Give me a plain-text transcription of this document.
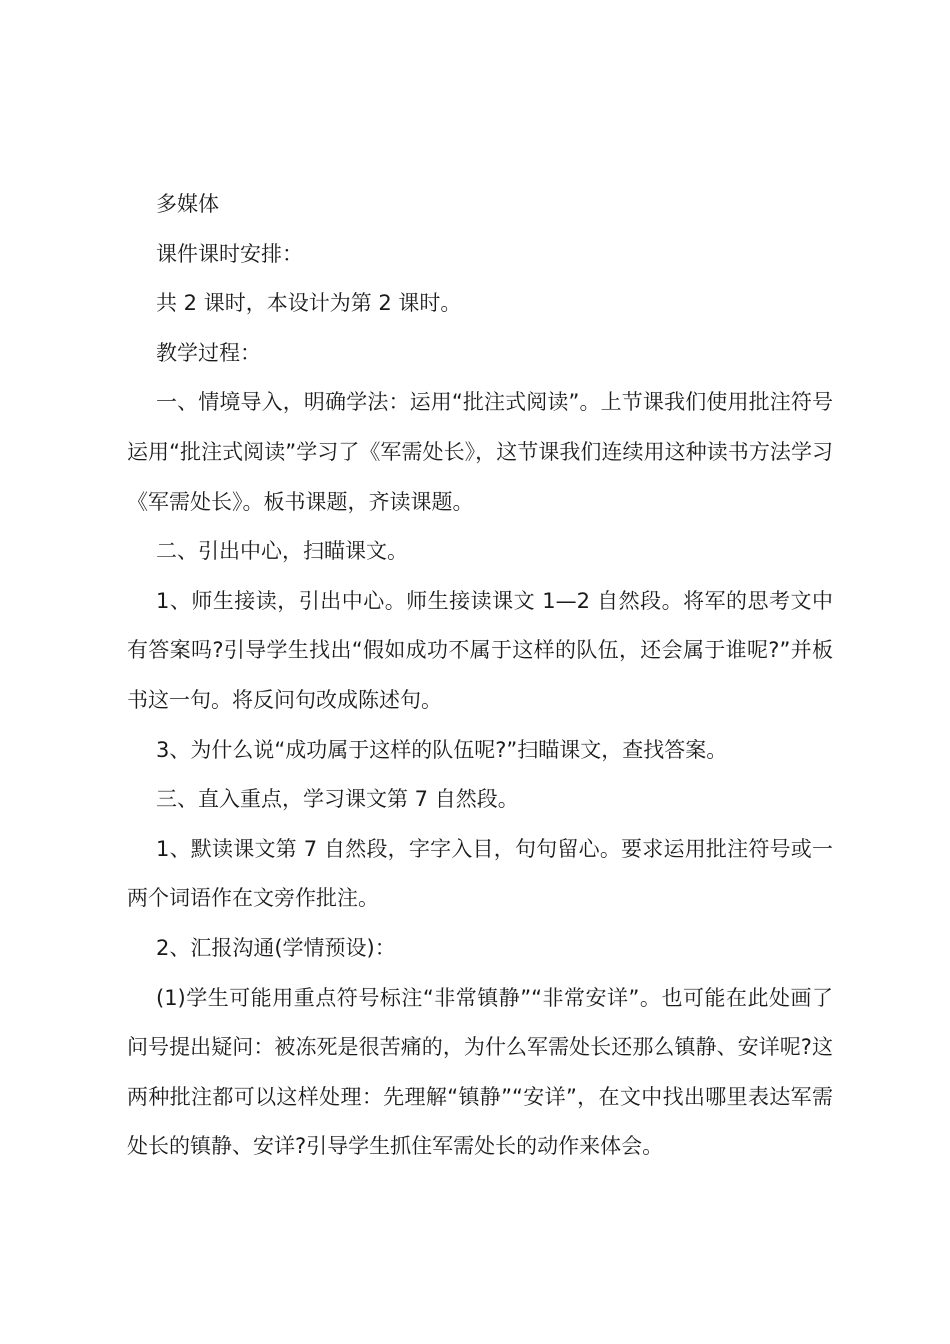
多媒体

课件课时安排：

共 2 课时，本设计为第 2 课时。

教学过程：

一、情境导入，明确学法：运用“批注式阅读”。上节课我们使用批注符号运用“批注式阅读”学习了《军需处长》，这节课我们连续用这种读书方法学习《军需处长》。板书课题，齐读课题。

二、引出中心，扫瞄课文。

1、师生接读，引出中心。师生接读课文 1—2 自然段。将军的思考文中有答案吗?引导学生找出“假如成功不属于这样的队伍，还会属于谁呢?”并板书这一句。将反问句改成陈述句。

3、为什么说“成功属于这样的队伍呢?”扫瞄课文，查找答案。

三、直入重点，学习课文第 7 自然段。

1、默读课文第 7 自然段，字字入目，句句留心。要求运用批注符号或一两个词语作在文旁作批注。

2、汇报沟通(学情预设)：

(1)学生可能用重点符号标注“非常镇静”“非常安详”。也可能在此处画了问号提出疑问：被冻死是很苦痛的，为什么军需处长还那么镇静、安详呢?这两种批注都可以这样处理：先理解“镇静”“安详”，在文中找出哪里表达军需处长的镇静、安详?引导学生抓住军需处长的动作来体会。
